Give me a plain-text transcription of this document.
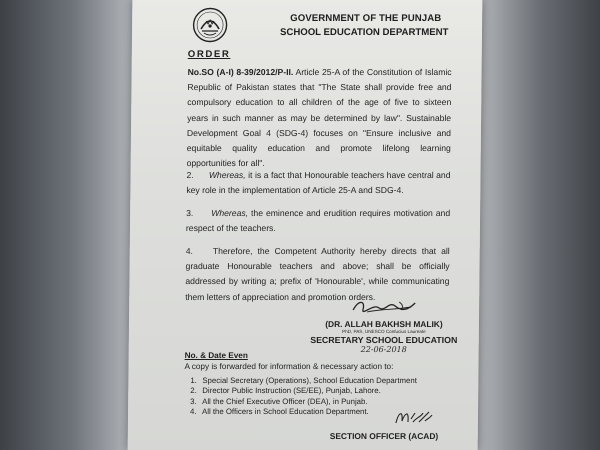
GOVERNMENT OF THE PUNJAB
SCHOOL EDUCATION DEPARTMENT
ORDER
No.SO (A-I) 8-39/2012/P-II. Article 25-A of the Constitution of Islamic Republic of Pakistan states that "The State shall provide free and compulsory education to all children of the age of five to sixteen years in such manner as may be determined by law". Sustainable Development Goal 4 (SDG-4) focuses on "Ensure inclusive and equitable quality education and promote lifelong learning opportunities for all".
2. Whereas, it is a fact that Honourable teachers have central and key role in the implementation of Article 25-A and SDG-4.
3. Whereas, the eminence and erudition requires motivation and respect of the teachers.
4. Therefore, the Competent Authority hereby directs that all graduate Honourable teachers and above; shall be officially addressed by writing a; prefix of 'Honourable', while communicating them letters of appreciation and promotion orders.
(DR. ALLAH BAKHSH MALIK)
PhD, PAS, UNESCO Confucius Laureate
SECRETARY SCHOOL EDUCATION
22-06-2018
No. & Date Even
A copy is forwarded for information & necessary action to:
1. Special Secretary (Operations), School Education Department
2. Director Public Instruction (SE/EE), Punjab, Lahore.
3. All the Chief Executive Officer (DEA), in Punjab.
4. All the Officers in School Education Department.
SECTION OFFICER (ACAD)
